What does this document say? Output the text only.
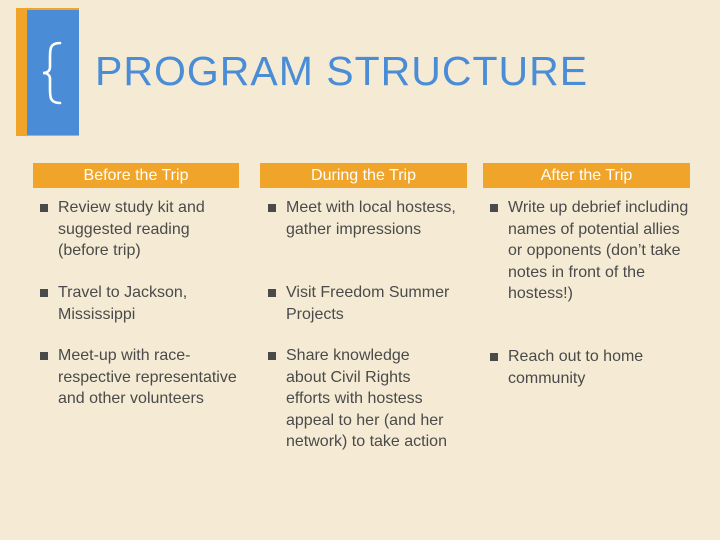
PROGRAM STRUCTURE
Before the Trip
Review study kit and suggested reading (before trip)
Travel to Jackson, Mississippi
Meet-up with race-respective representative and other volunteers
During the Trip
Meet with local hostess, gather impressions
Visit Freedom Summer Projects
Share knowledge about Civil Rights efforts with hostess appeal to her (and her network) to take action
After the Trip
Write up debrief including names of potential allies or opponents (don’t take notes in front of the hostess!)
Reach out to home community
